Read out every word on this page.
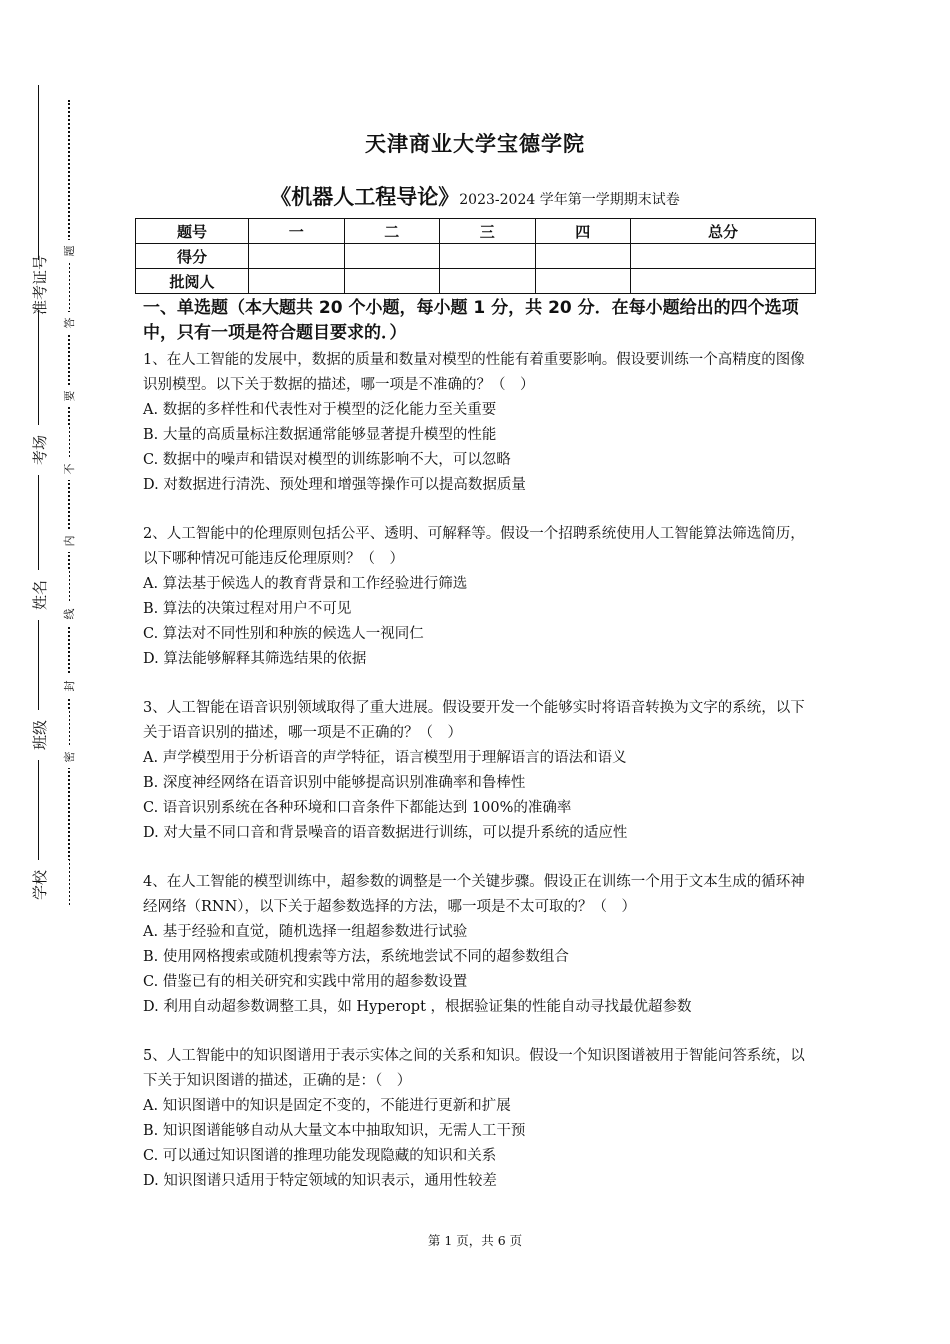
准考证号
考场
姓名
班级
学校
题
答
要
不
内
线
封
密
天津商业大学宝德学院
《机器人工程导论》2023-2024 学年第一学期期末试卷
题号	一	二	三	四	总分
得分					
批阅人					
一、单选题（本大题共 20 个小题，每小题 1 分，共 20 分．在每小题给出的四个选项中，只有一项是符合题目要求的．）
1、在人工智能的发展中，数据的质量和数量对模型的性能有着重要影响。假设要训练一个高精度的图像识别模型。以下关于数据的描述，哪一项是不准确的？（　）
A. 数据的多样性和代表性对于模型的泛化能力至关重要
B. 大量的高质量标注数据通常能够显著提升模型的性能
C. 数据中的噪声和错误对模型的训练影响不大，可以忽略
D. 对数据进行清洗、预处理和增强等操作可以提高数据质量
2、人工智能中的伦理原则包括公平、透明、可解释等。假设一个招聘系统使用人工智能算法筛选简历，以下哪种情况可能违反伦理原则？（　）
A. 算法基于候选人的教育背景和工作经验进行筛选
B. 算法的决策过程对用户不可见
C. 算法对不同性别和种族的候选人一视同仁
D. 算法能够解释其筛选结果的依据
3、人工智能在语音识别领域取得了重大进展。假设要开发一个能够实时将语音转换为文字的系统，以下关于语音识别的描述，哪一项是不正确的？（　）
A. 声学模型用于分析语音的声学特征，语言模型用于理解语言的语法和语义
B. 深度神经网络在语音识别中能够提高识别准确率和鲁棒性
C. 语音识别系统在各种环境和口音条件下都能达到 100%的准确率
D. 对大量不同口音和背景噪音的语音数据进行训练，可以提升系统的适应性
4、在人工智能的模型训练中，超参数的调整是一个关键步骤。假设正在训练一个用于文本生成的循环神经网络（RNN），以下关于超参数选择的方法，哪一项是不太可取的？（　）
A. 基于经验和直觉，随机选择一组超参数进行试验
B. 使用网格搜索或随机搜索等方法，系统地尝试不同的超参数组合
C. 借鉴已有的相关研究和实践中常用的超参数设置
D. 利用自动超参数调整工具，如 Hyperopt ，根据验证集的性能自动寻找最优超参数
5、人工智能中的知识图谱用于表示实体之间的关系和知识。假设一个知识图谱被用于智能问答系统，以下关于知识图谱的描述，正确的是：（　）
A. 知识图谱中的知识是固定不变的，不能进行更新和扩展
B. 知识图谱能够自动从大量文本中抽取知识，无需人工干预
C. 可以通过知识图谱的推理功能发现隐藏的知识和关系
D. 知识图谱只适用于特定领域的知识表示，通用性较差
第 1 页，共 6 页
